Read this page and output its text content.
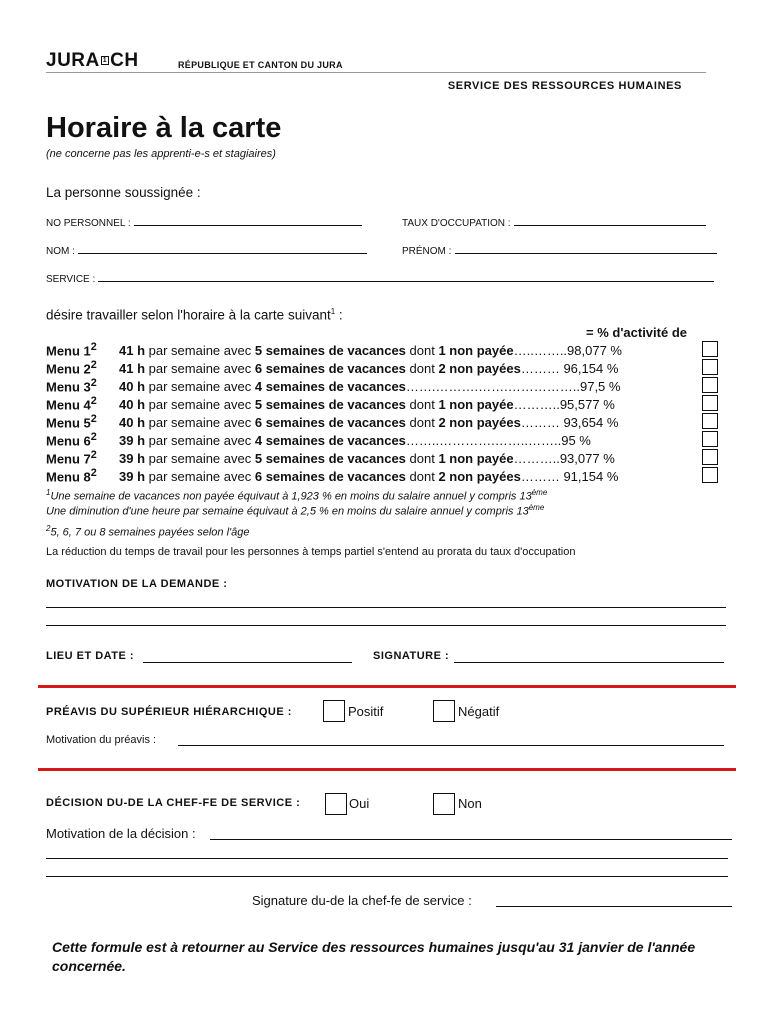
JURA 1 CH	RÉPUBLIQUE ET CANTON DU JURA
SERVICE DES RESSOURCES HUMAINES
Horaire à la carte
(ne concerne pas les apprenti-e-s et stagiaires)
La personne soussignée :
NO PERSONNEL :	TAUX D'OCCUPATION :
NOM :	PRÉNOM :
SERVICE :
désire travailler selon l'horaire à la carte suivant$^1$ :
= % d'activité de
Menu $1^2$ 41 h par semaine avec 5 semaines de vacances dont 1 non payée…..……..98,077 %
Menu $2^2$ 41 h par semaine avec 6 semaines de vacances dont 2 non payées……… 96,154 %
Menu $3^2$ 40 h par semaine avec 4 semaines de vacances…….……….…….……………..97,5 %
Menu $4^2$ 40 h par semaine avec 5 semaines de vacances dont 1 non payée………..95,577 %
Menu $5^2$ 40 h par semaine avec 6 semaines de vacances dont 2 non payées……… 93,654 %
Menu $6^2$ 39 h par semaine avec 4 semaines de vacances……..………….……..……..95 %
Menu $7^2$ 39 h par semaine avec 5 semaines de vacances dont 1 non payée………..93,077 %
Menu $8^2$ 39 h par semaine avec 6 semaines de vacances dont 2 non payées……… 91,154 %
$^1$Une semaine de vacances non payée équivaut à 1,923 % en moins du salaire annuel y compris 13ème
Une diminution d'une heure par semaine équivaut à 2,5 % en moins du salaire annuel y compris 13ème
$^2$5, 6, 7 ou 8 semaines payées selon l'âge
La réduction du temps de travail pour les personnes à temps partiel s'entend au prorata du taux d'occupation
MOTIVATION DE LA DEMANDE :
LIEU ET DATE :	SIGNATURE :
PRÉAVIS DU SUPÉRIEUR HIÉRARCHIQUE :	Positif	Négatif
Motivation du préavis :
DÉCISION DU-DE LA CHEF-FE DE SERVICE :	Oui	Non
Motivation de la décision :
Signature du-de la chef-fe de service :
Cette formule est à retourner au Service des ressources humaines jusqu'au 31 janvier de l'année concernée.
